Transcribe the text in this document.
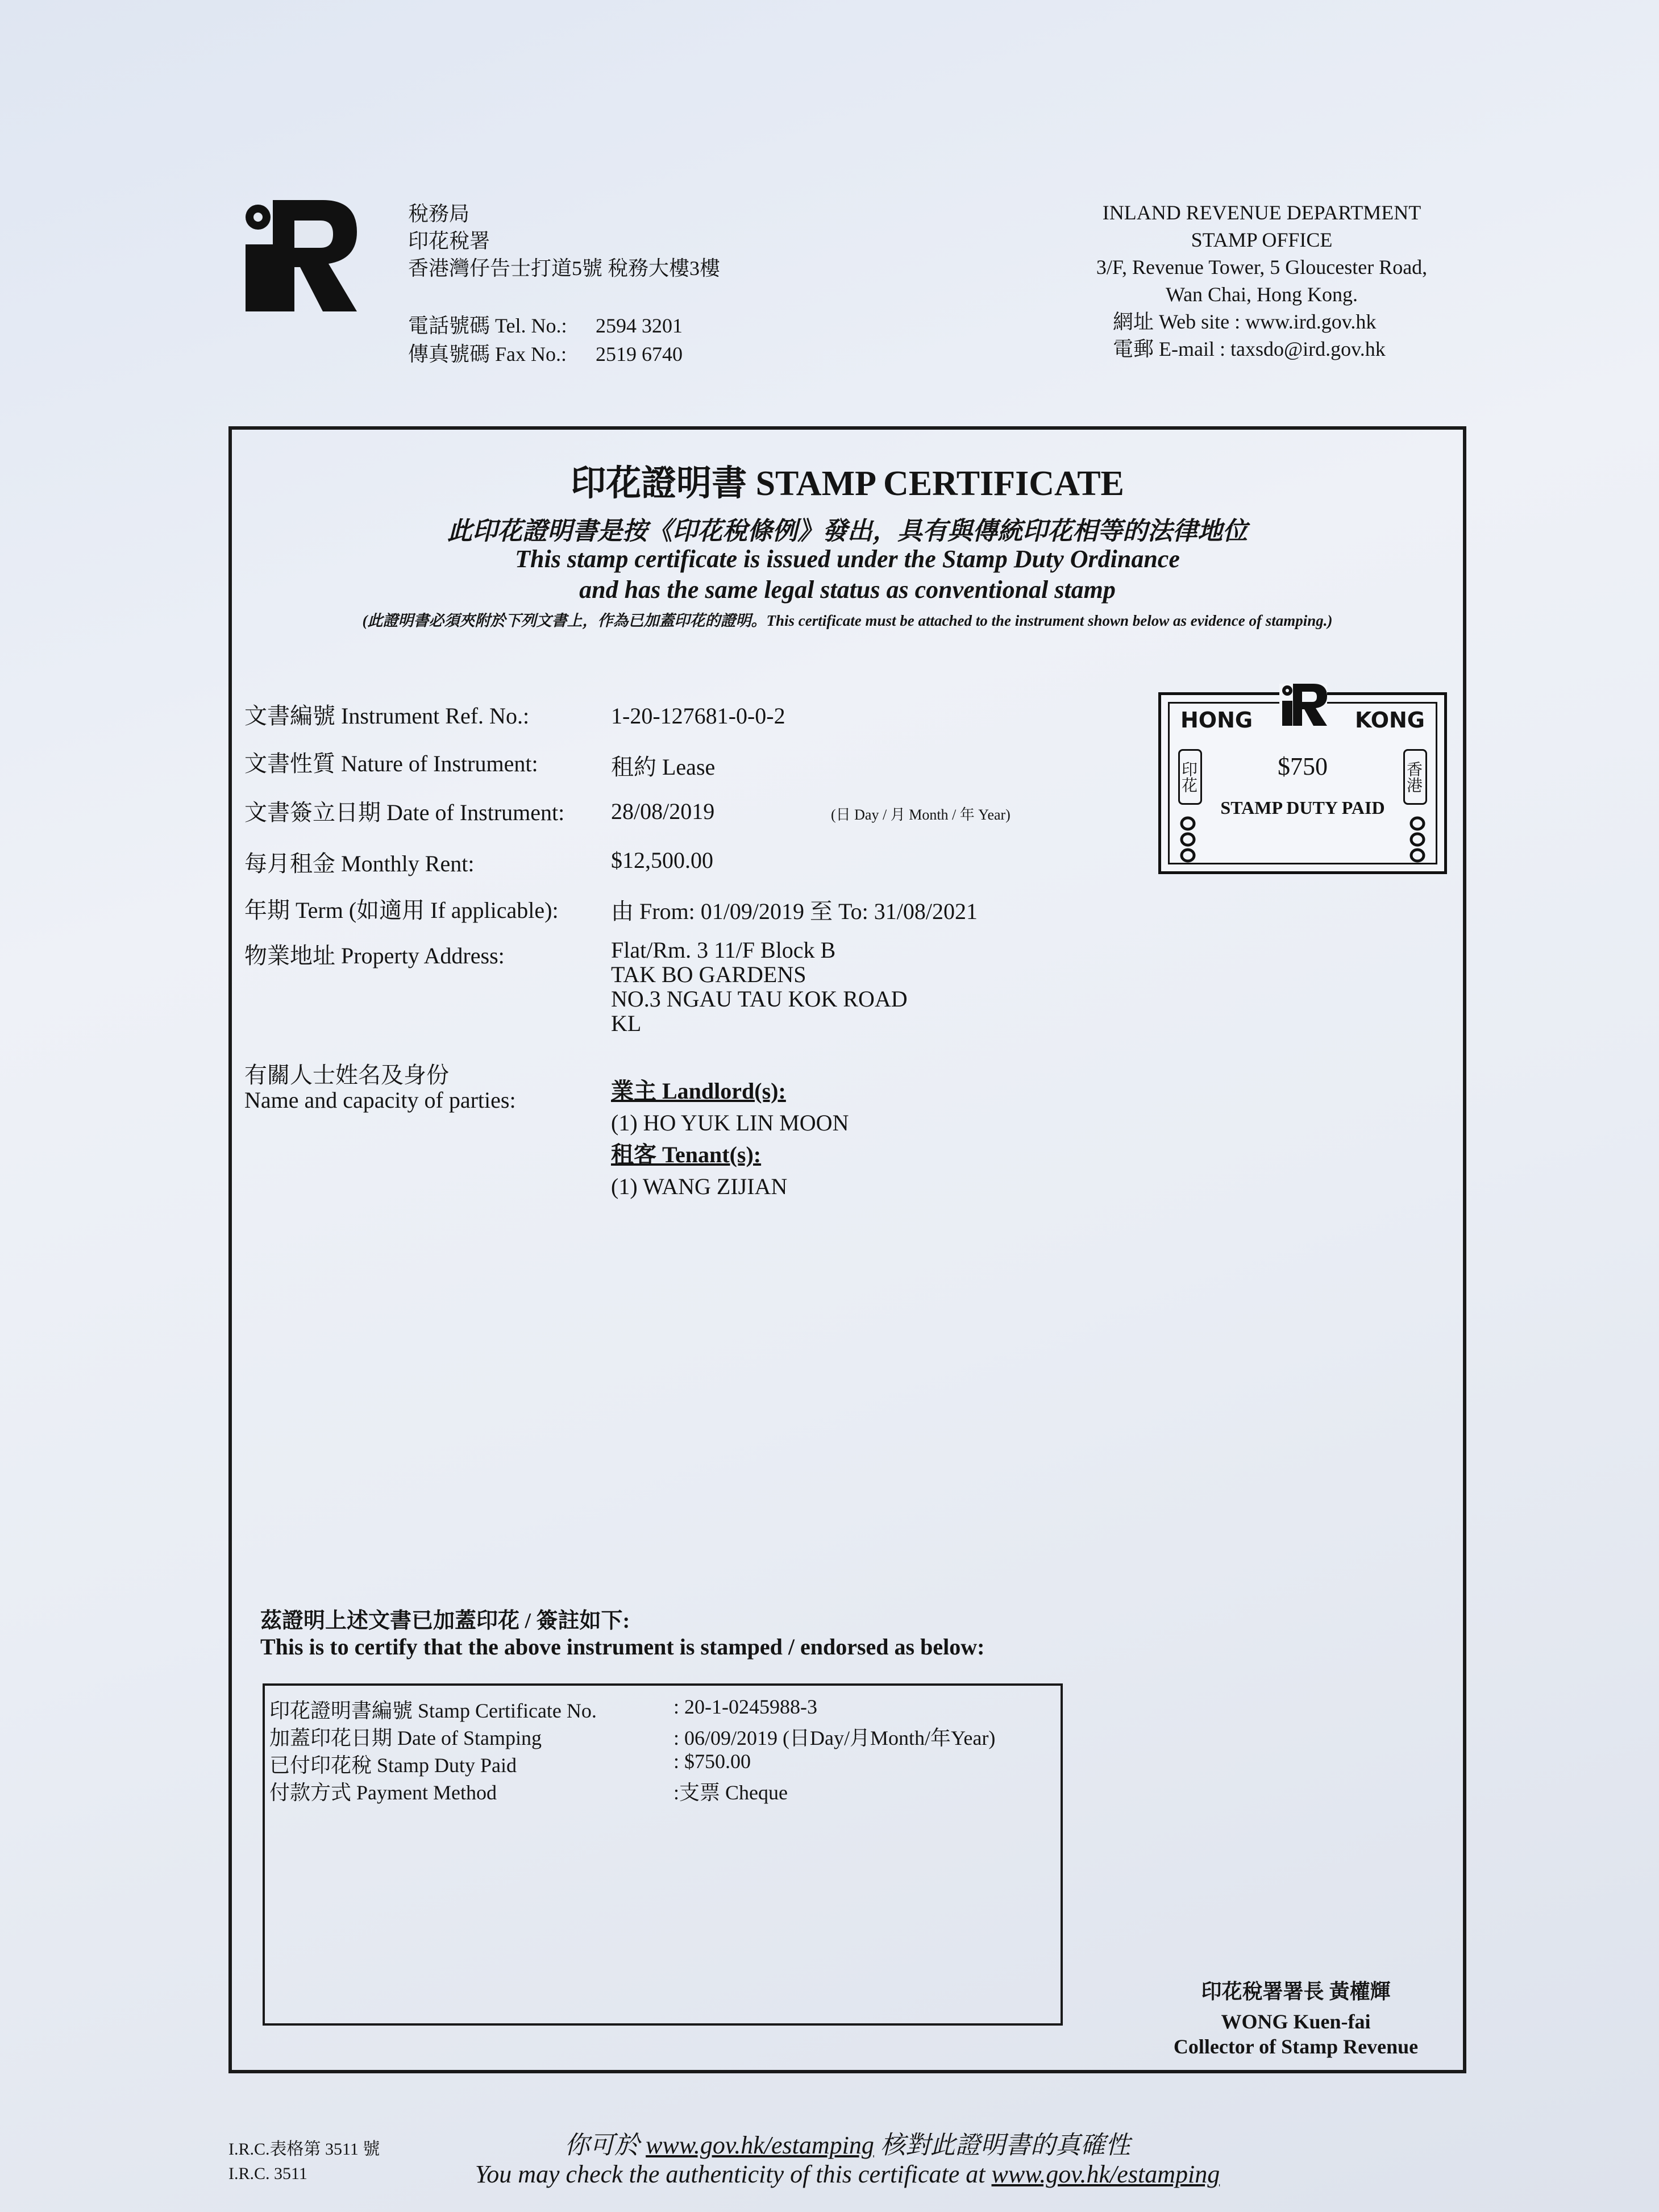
稅務局
印花稅署
香港灣仔告士打道5號 稅務大樓3樓
電話號碼 Tel. No.:	2594 3201
傳真號碼 Fax No.:	2519 6740
INLAND REVENUE DEPARTMENT
STAMP OFFICE
3/F, Revenue Tower, 5 Gloucester Road,
Wan Chai, Hong Kong.
網址 Web site : www.ird.gov.hk
電郵 E-mail : taxsdo@ird.gov.hk
印花證明書 STAMP CERTIFICATE
此印花證明書是按《印花稅條例》發出，具有與傳統印花相等的法律地位
This stamp certificate is issued under the Stamp Duty Ordinance
and has the same legal status as conventional stamp
(此證明書必須夾附於下列文書上，作為已加蓋印花的證明。This certificate must be attached to the instrument shown below as evidence of stamping.)
文書編號 Instrument Ref. No.:	1-20-127681-0-0-2
文書性質 Nature of Instrument:	租約 Lease
文書簽立日期 Date of Instrument: 28/08/2019	(日 Day / 月 Month / 年 Year)
每月租金 Monthly Rent:	$12,500.00
年期 Term (如適用 If applicable): 由 From: 01/09/2019 至 To: 31/08/2021
物業地址 Property Address:	Flat/Rm. 3 11/F Block B
TAK BO GARDENS
NO.3 NGAU TAU KOK ROAD
KL
有關人士姓名及身份
Name and capacity of parties:	業主 Landlord(s):
(1) HO YUK LIN MOON
租客 Tenant(s):
(1) WANG ZIJIAN
HONG	KONG
印花	香港
$750
STAMP DUTY PAID
茲證明上述文書已加蓋印花 / 簽註如下:
This is to certify that the above instrument is stamped / endorsed as below:
印花證明書編號 Stamp Certificate No.	: 20-1-0245988-3
加蓋印花日期 Date of Stamping	: 06/09/2019 (日Day/月Month/年Year)
已付印花稅 Stamp Duty Paid	: $750.00
付款方式 Payment Method	:支票 Cheque
印花稅署署長 黃權輝
WONG Kuen-fai
Collector of Stamp Revenue
I.R.C.表格第 3511 號
I.R.C. 3511
你可於 www.gov.hk/estamping 核對此證明書的真確性
You may check the authenticity of this certificate at www.gov.hk/estamping
